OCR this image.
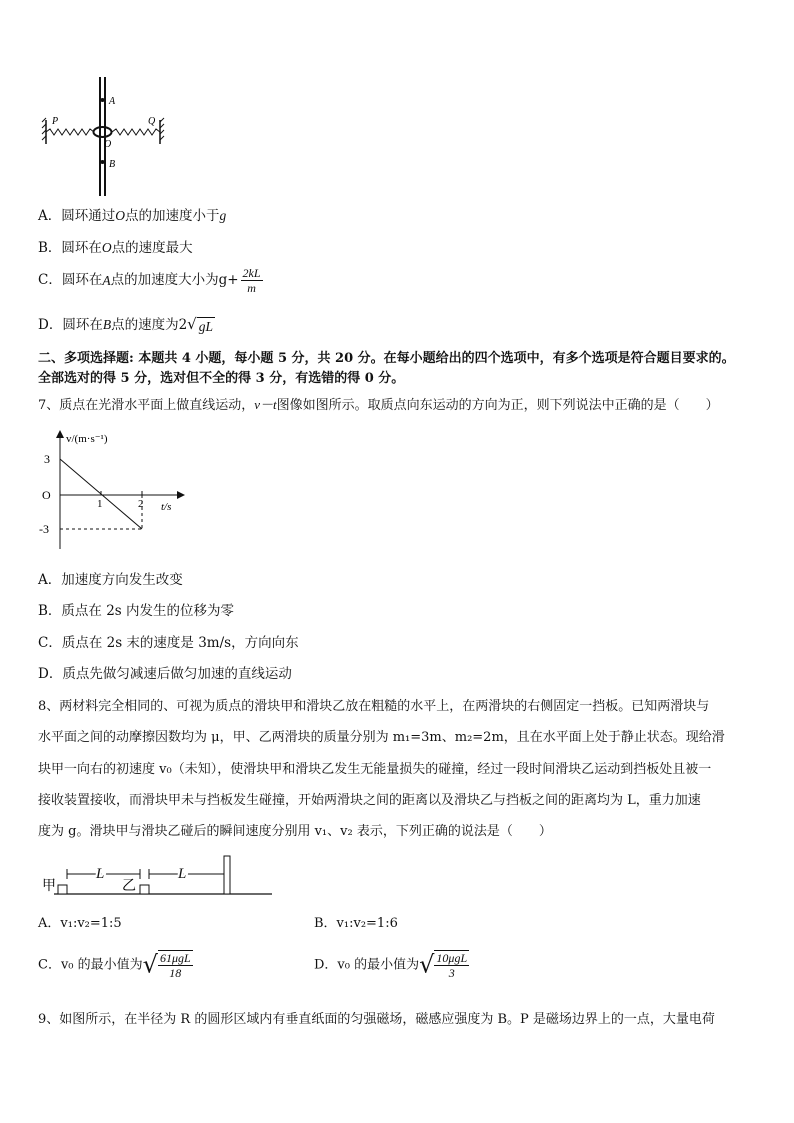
A
B
O
P	Q
A．圆环通过O点的加速度小于g
B．圆环在O点的速度最大
C．圆环在A点的加速度大小为$g+ \frac{2kL}{m}$
D．圆环在B点的速度为2√ gL
二、多项选择题: 本题共 4 小题，每小题 5 分，共 20 分。在每小题给出的四个选项中，有多个选项是符合题目要求的。
全部选对的得 5 分，选对但不全的得 3 分，有选错的得 0 分。
7、质点在光滑水平面上做直线运动，v－t图像如图所示。取质点向东运动的方向为正，则下列说法中正确的是（　　）
v/(m·s⁻¹)
t/s
O
1	2
3
-3
A．加速度方向发生改变
B．质点在 2s 内发生的位移为零
C．质点在 2s 末的速度是 3m/s，方向向东
D．质点先做匀减速后做匀加速的直线运动
8、两材料完全相同的、可视为质点的滑块甲和滑块乙放在粗糙的水平上，在两滑块的右侧固定一挡板。已知两滑块与
水平面之间的动摩擦因数均为 μ，甲、乙两滑块的质量分别为 m₁=3m、m₂=2m，且在水平面上处于静止状态。现给滑
块甲一向右的初速度 v₀（未知），使滑块甲和滑块乙发生无能量损失的碰撞，经过一段时间滑块乙运动到挡板处且被一
接收装置接收，而滑块甲未与挡板发生碰撞，开始两滑块之间的距离以及滑块乙与挡板之间的距离均为 L，重力加速
度为 g。滑块甲与滑块乙碰后的瞬间速度分别用 v₁、v₂ 表示，下列正确的说法是（　　）
甲	乙
L	L
A．v₁:v₂=1:5	B．v₁:v₂=1:6
C．v₀ 的最小值为√ $\frac{\text{61μgL}}{18}$	D．v₀ 的最小值为√ $\frac{\text{10μgL}}{3}$
9、如图所示，在半径为 R 的圆形区域内有垂直纸面的匀强磁场，磁感应强度为 B。P 是磁场边界上的一点，大量电荷
